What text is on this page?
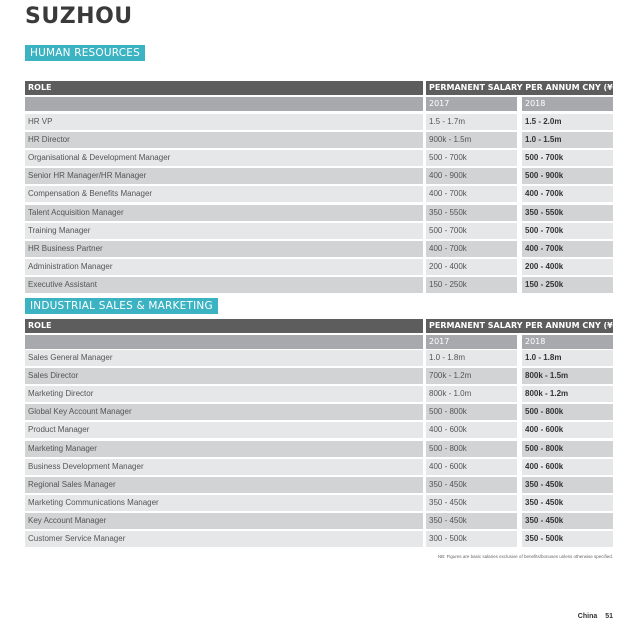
SUZHOU
HUMAN RESOURCES
ROLE	PERMANENT SALARY PER ANNUM CNY (¥)
2017	2018
HR VP	1.5 - 1.7m	1.5 - 2.0m
HR Director	900k - 1.5m	1.0 - 1.5m
Organisational & Development Manager	500 - 700k	500 - 700k
Senior HR Manager/HR Manager	400 - 900k	500 - 900k
Compensation & Benefits Manager	400 - 700k	400 - 700k
Talent Acquisition Manager	350 - 550k	350 - 550k
Training Manager	500 - 700k	500 - 700k
HR Business Partner	400 - 700k	400 - 700k
Administration Manager	200 - 400k	200 - 400k
Executive Assistant	150 - 250k	150 - 250k
INDUSTRIAL SALES & MARKETING
ROLE	PERMANENT SALARY PER ANNUM CNY (¥)
2017	2018
Sales General Manager	1.0 - 1.8m	1.0 - 1.8m
Sales Director	700k - 1.2m	800k - 1.5m
Marketing Director	800k - 1.0m	800k - 1.2m
Global Key Account Manager	500 - 800k	500 - 800k
Product Manager	400 - 600k	400 - 600k
Marketing Manager	500 - 800k	500 - 800k
Business Development Manager	400 - 600k	400 - 600k
Regional Sales Manager	350 - 450k	350 - 450k
Marketing Communications Manager	350 - 450k	350 - 450k
Key Account Manager	350 - 450k	350 - 450k
Customer Service Manager	300 - 500k	350 - 500k
NB: Figures are basic salaries exclusive of benefits/bonuses unless otherwise specified.
China 51
